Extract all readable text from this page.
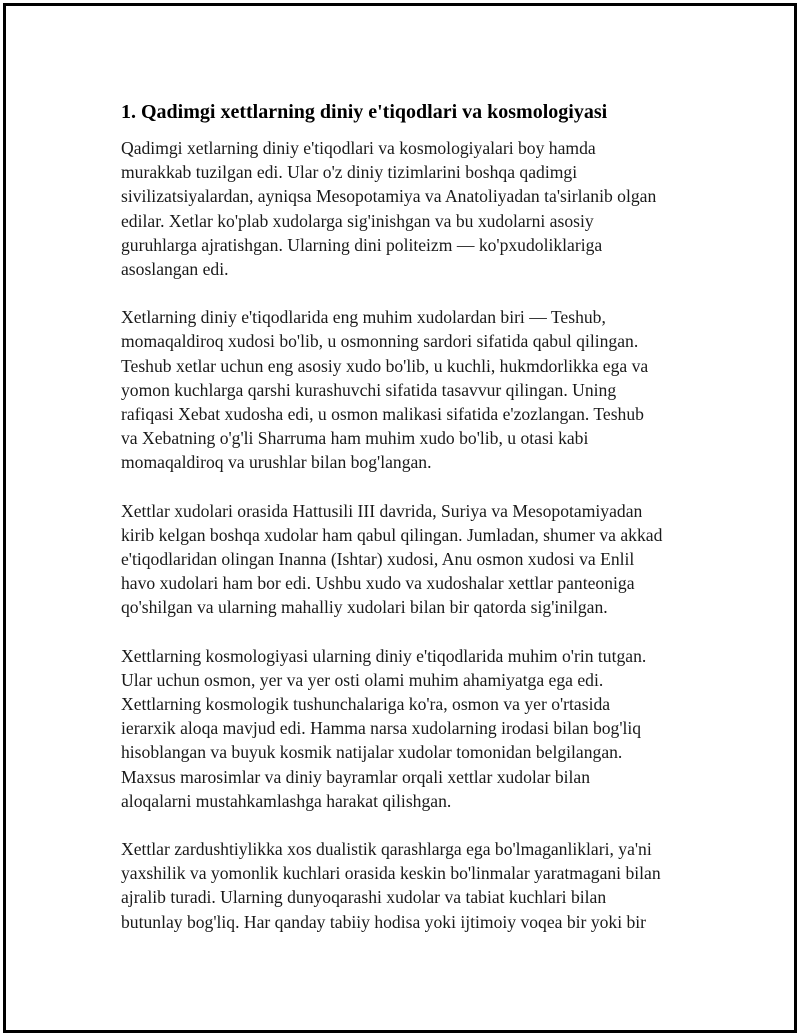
1. Qadimgi xettlarning diniy e'tiqodlari va kosmologiyasi
Qadimgi xetlarning diniy e'tiqodlari va kosmologiyalari boy hamda
murakkab tuzilgan edi. Ular o'z diniy tizimlarini boshqa qadimgi
sivilizatsiyalardan, ayniqsa Mesopotamiya va Anatoliyadan ta'sirlanib olgan
edilar. Xetlar ko'plab xudolarga sig'inishgan va bu xudolarni asosiy
guruhlarga ajratishgan. Ularning dini politeizm — ko'pxudoliklariga
asoslangan edi.
Xetlarning diniy e'tiqodlarida eng muhim xudolardan biri — Teshub,
momaqaldiroq xudosi bo'lib, u osmonning sardori sifatida qabul qilingan.
Teshub xetlar uchun eng asosiy xudo bo'lib, u kuchli, hukmdorlikka ega va
yomon kuchlarga qarshi kurashuvchi sifatida tasavvur qilingan. Uning
rafiqasi Xebat xudosha edi, u osmon malikasi sifatida e'zozlangan. Teshub
va Xebatning o'g'li Sharruma ham muhim xudo bo'lib, u otasi kabi
momaqaldiroq va urushlar bilan bog'langan.
Xettlar xudolari orasida Hattusili III davrida, Suriya va Mesopotamiyadan
kirib kelgan boshqa xudolar ham qabul qilingan. Jumladan, shumer va akkad
e'tiqodlaridan olingan Inanna (Ishtar) xudosi, Anu osmon xudosi va Enlil
havo xudolari ham bor edi. Ushbu xudo va xudoshalar xettlar panteoniga
qo'shilgan va ularning mahalliy xudolari bilan bir qatorda sig'inilgan.
Xettlarning kosmologiyasi ularning diniy e'tiqodlarida muhim o'rin tutgan.
Ular uchun osmon, yer va yer osti olami muhim ahamiyatga ega edi.
Xettlarning kosmologik tushunchalariga ko'ra, osmon va yer o'rtasida
ierarxik aloqa mavjud edi. Hamma narsa xudolarning irodasi bilan bog'liq
hisoblangan va buyuk kosmik natijalar xudolar tomonidan belgilangan.
Maxsus marosimlar va diniy bayramlar orqali xettlar xudolar bilan
aloqalarni mustahkamlashga harakat qilishgan.
Xettlar zardushtiylikka xos dualistik qarashlarga ega bo'lmaganliklari, ya'ni
yaxshilik va yomonlik kuchlari orasida keskin bo'linmalar yaratmagani bilan
ajralib turadi. Ularning dunyoqarashi xudolar va tabiat kuchlari bilan
butunlay bog'liq. Har qanday tabiiy hodisa yoki ijtimoiy voqea bir yoki bir
